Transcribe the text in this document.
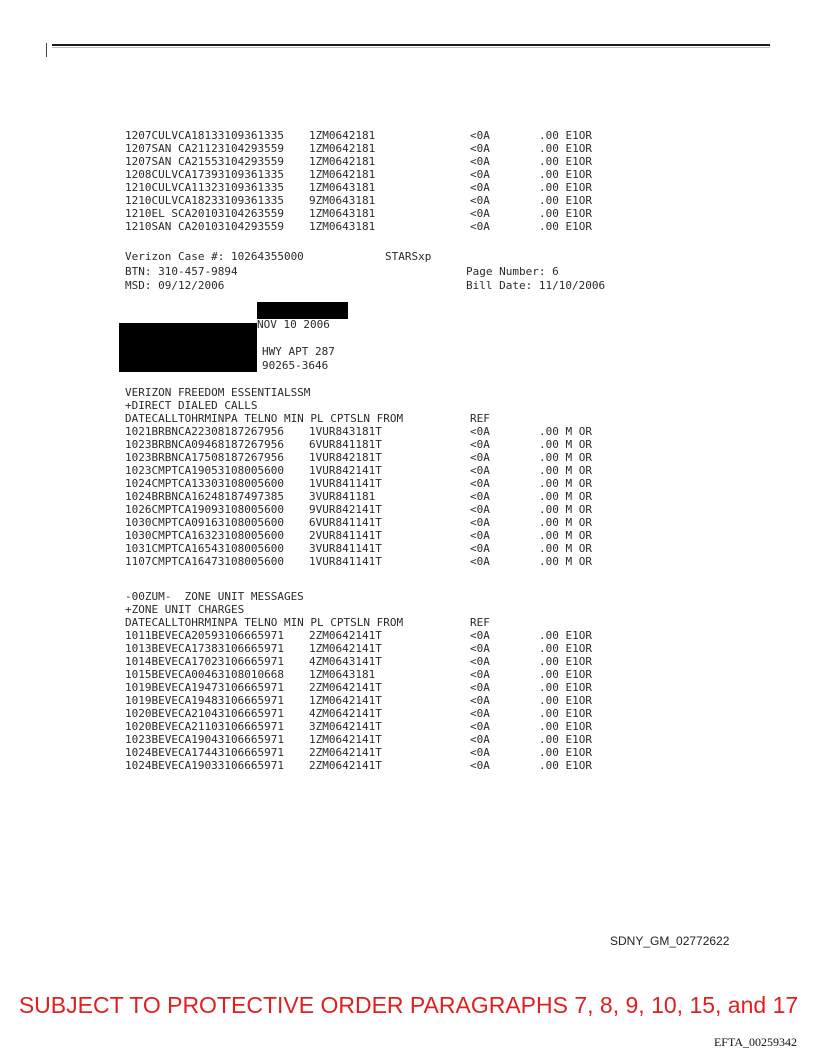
1207CULVCA18133109361335 1ZM0642181	<0A	.00 E1OR
1207SAN CA21123104293559 1ZM0642181	<0A	.00 E1OR
1207SAN CA21553104293559 1ZM0642181	<0A	.00 E1OR
1208CULVCA17393109361335 1ZM0642181	<0A	.00 E1OR
1210CULVCA11323109361335 1ZM0643181	<0A	.00 E1OR
1210CULVCA18233109361335 9ZM0643181	<0A	.00 E1OR
1210EL SCA20103104263559 1ZM0643181	<0A	.00 E1OR
1210SAN CA20103104293559 1ZM0643181	<0A	.00 E1OR
Verizon Case #: 10264355000	STARSxp
BTN: 310-457-9894	Page Number: 6
MSD: 09/12/2006	Bill Date: 11/10/2006
NOV 10 2006
HWY APT 287
90265-3646
VERIZON FREEDOM ESSENTIALSSM
+DIRECT DIALED CALLS
DATECALLTOHRMINPA TELNO MIN PL CPTSLN FROM	REF
1021BRBNCA22308187267956 1VUR843181T	<0A	.00 M OR
1023BRBNCA09468187267956 6VUR841181T	<0A	.00 M OR
1023BRBNCA17508187267956 1VUR842181T	<0A	.00 M OR
1023CMPTCA19053108005600 1VUR842141T	<0A	.00 M OR
1024CMPTCA13303108005600 1VUR841141T	<0A	.00 M OR
1024BRBNCA16248187497385 3VUR841181	<0A	.00 M OR
1026CMPTCA19093108005600 9VUR842141T	<0A	.00 M OR
1030CMPTCA09163108005600 6VUR841141T	<0A	.00 M OR
1030CMPTCA16323108005600 2VUR841141T	<0A	.00 M OR
1031CMPTCA16543108005600 3VUR841141T	<0A	.00 M OR
1107CMPTCA16473108005600 1VUR841141T	<0A	.00 M OR
-00ZUM-  ZONE UNIT MESSAGES
+ZONE UNIT CHARGES
DATECALLTOHRMINPA TELNO MIN PL CPTSLN FROM	REF
1011BEVECA20593106665971 2ZM0642141T	<0A	.00 E1OR
1013BEVECA17383106665971 1ZM0642141T	<0A	.00 E1OR
1014BEVECA17023106665971 4ZM0643141T	<0A	.00 E1OR
1015BEVECA00463108010668 1ZM0643181	<0A	.00 E1OR
1019BEVECA19473106665971 2ZM0642141T	<0A	.00 E1OR
1019BEVECA19483106665971 1ZM0642141T	<0A	.00 E1OR
1020BEVECA21043106665971 4ZM0642141T	<0A	.00 E1OR
1020BEVECA21103106665971 3ZM0642141T	<0A	.00 E1OR
1023BEVECA19043106665971 1ZM0642141T	<0A	.00 E1OR
1024BEVECA17443106665971 2ZM0642141T	<0A	.00 E1OR
1024BEVECA19033106665971 2ZM0642141T	<0A	.00 E1OR
SDNY_GM_02772622
SUBJECT TO PROTECTIVE ORDER PARAGRAPHS 7, 8, 9, 10, 15, and 17
EFTA_00259342
